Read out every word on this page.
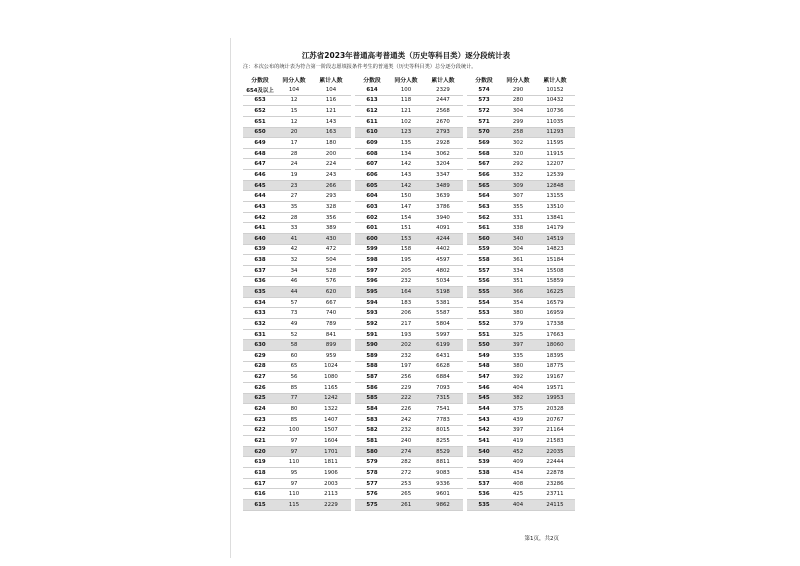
江苏省2023年普通高考普通类（历史等科目类）逐分段统计表
注：本次公布的统计表为符合第一阶段志愿填报条件考生的普通类（历史等科目类）总分逐分段统计。
分数段	同分人数	累计人数
654及以上	104	104
653	12	116
652	15	121
651	12	143
650	20	163
649	17	180
648	28	200
647	24	224
646	19	243
645	23	266
644	27	293
643	35	328
642	28	356
641	33	389
640	41	430
639	42	472
638	32	504
637	34	528
636	46	576
635	44	620
634	57	667
633	73	740
632	49	789
631	52	841
630	58	899
629	60	959
628	65	1024
627	56	1080
626	85	1165
625	77	1242
624	80	1322
623	85	1407
622	100	1507
621	97	1604
620	97	1701
619	110	1811
618	95	1906
617	97	2003
616	110	2113
615	115	2229
分数段	同分人数	累计人数
614	100	2329
613	118	2447
612	121	2568
611	102	2670
610	123	2793
609	135	2928
608	134	3062
607	142	3204
606	143	3347
605	142	3489
604	150	3639
603	147	3786
602	154	3940
601	151	4091
600	153	4244
599	158	4402
598	195	4597
597	205	4802
596	232	5034
595	164	5198
594	183	5381
593	206	5587
592	217	5804
591	193	5997
590	202	6199
589	232	6431
588	197	6628
587	256	6884
586	229	7093
585	222	7315
584	226	7541
583	242	7783
582	232	8015
581	240	8255
580	274	8529
579	282	8811
578	272	9083
577	253	9336
576	265	9601
575	261	9862
分数段	同分人数	累计人数
574	290	10152
573	280	10432
572	304	10736
571	299	11035
570	258	11293
569	302	11595
568	320	11915
567	292	12207
566	332	12539
565	309	12848
564	307	13155
563	355	13510
562	331	13841
561	338	14179
560	340	14519
559	304	14823
558	361	15184
557	334	15508
556	351	15859
555	366	16225
554	354	16579
553	380	16959
552	379	17338
551	325	17663
550	397	18060
549	335	18395
548	380	18775
547	392	19167
546	404	19571
545	382	19953
544	375	20328
543	439	20767
542	397	21164
541	419	21583
540	452	22035
539	409	22444
538	434	22878
537	408	23286
536	425	23711
535	404	24115
第1页，共2页
